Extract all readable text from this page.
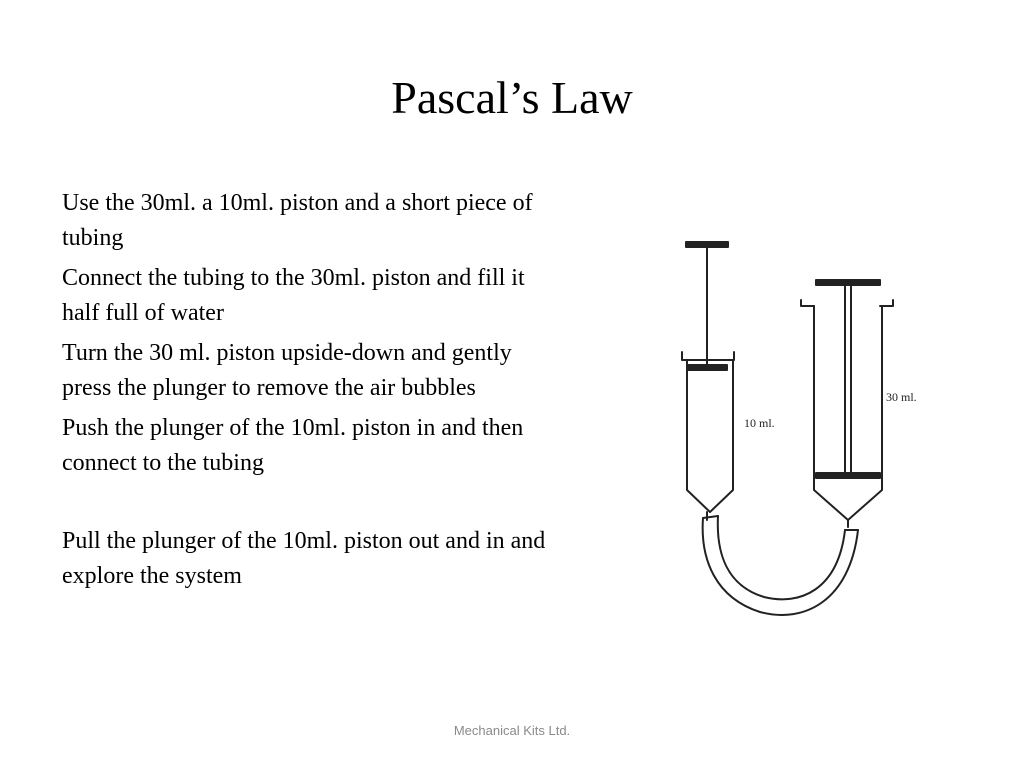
Pascal’s Law
Use the 30ml. a 10ml. piston and a short piece of tubing
Connect the tubing to the 30ml. piston and fill it half full of water
Turn the 30 ml. piston upside-down and gently press the plunger to remove the air bubbles
Push the plunger of the 10ml. piston in and then connect to the tubing
Pull the plunger of the 10ml. piston out and in and explore the system
10 ml.
30 ml.
Mechanical Kits Ltd.
